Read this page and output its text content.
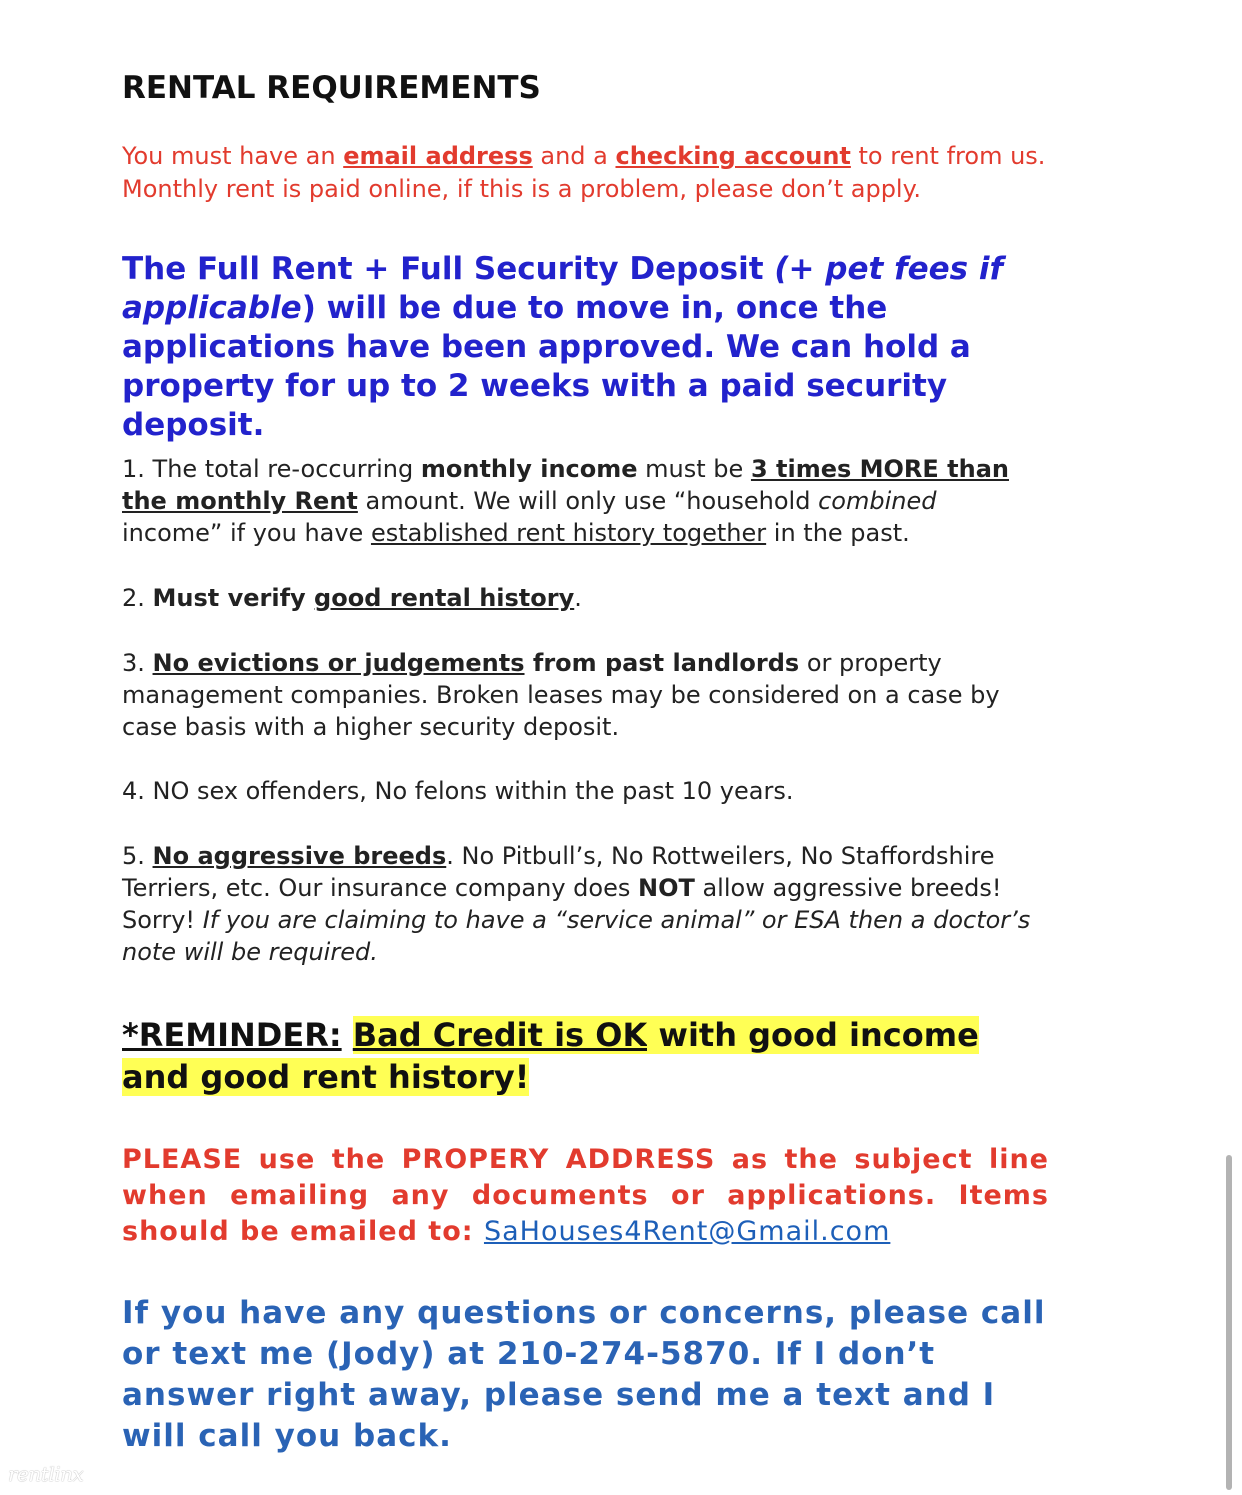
RENTAL REQUIREMENTS

You must have an email address and a checking account to rent from us. Monthly rent is paid online, if this is a problem, please don’t apply.

The Full Rent + Full Security Deposit (+ pet fees if applicable) will be due to move in, once the applications have been approved. We can hold a property for up to 2 weeks with a paid security deposit.

1. The total re-occurring monthly income must be 3 times MORE than the monthly Rent amount. We will only use “household combined income” if you have established rent history together in the past.

2. Must verify good rental history.

3. No evictions or judgements from past landlords or property management companies. Broken leases may be considered on a case by case basis with a higher security deposit.

4. NO sex offenders, No felons within the past 10 years.

5. No aggressive breeds. No Pitbull’s, No Rottweilers, No Staffordshire Terriers, etc. Our insurance company does NOT allow aggressive breeds! Sorry! If you are claiming to have a “service animal” or ESA then a doctor’s note will be required.

*REMINDER: Bad Credit is OK with good income and good rent history!

PLEASE use the PROPERY ADDRESS as the subject line when emailing any documents or applications. Items should be emailed to: SaHouses4Rent@Gmail.com

If you have any questions or concerns, please call or text me (Jody) at 210-274-5870. If I don’t answer right away, please send me a text and I will call you back.

rentlinx
